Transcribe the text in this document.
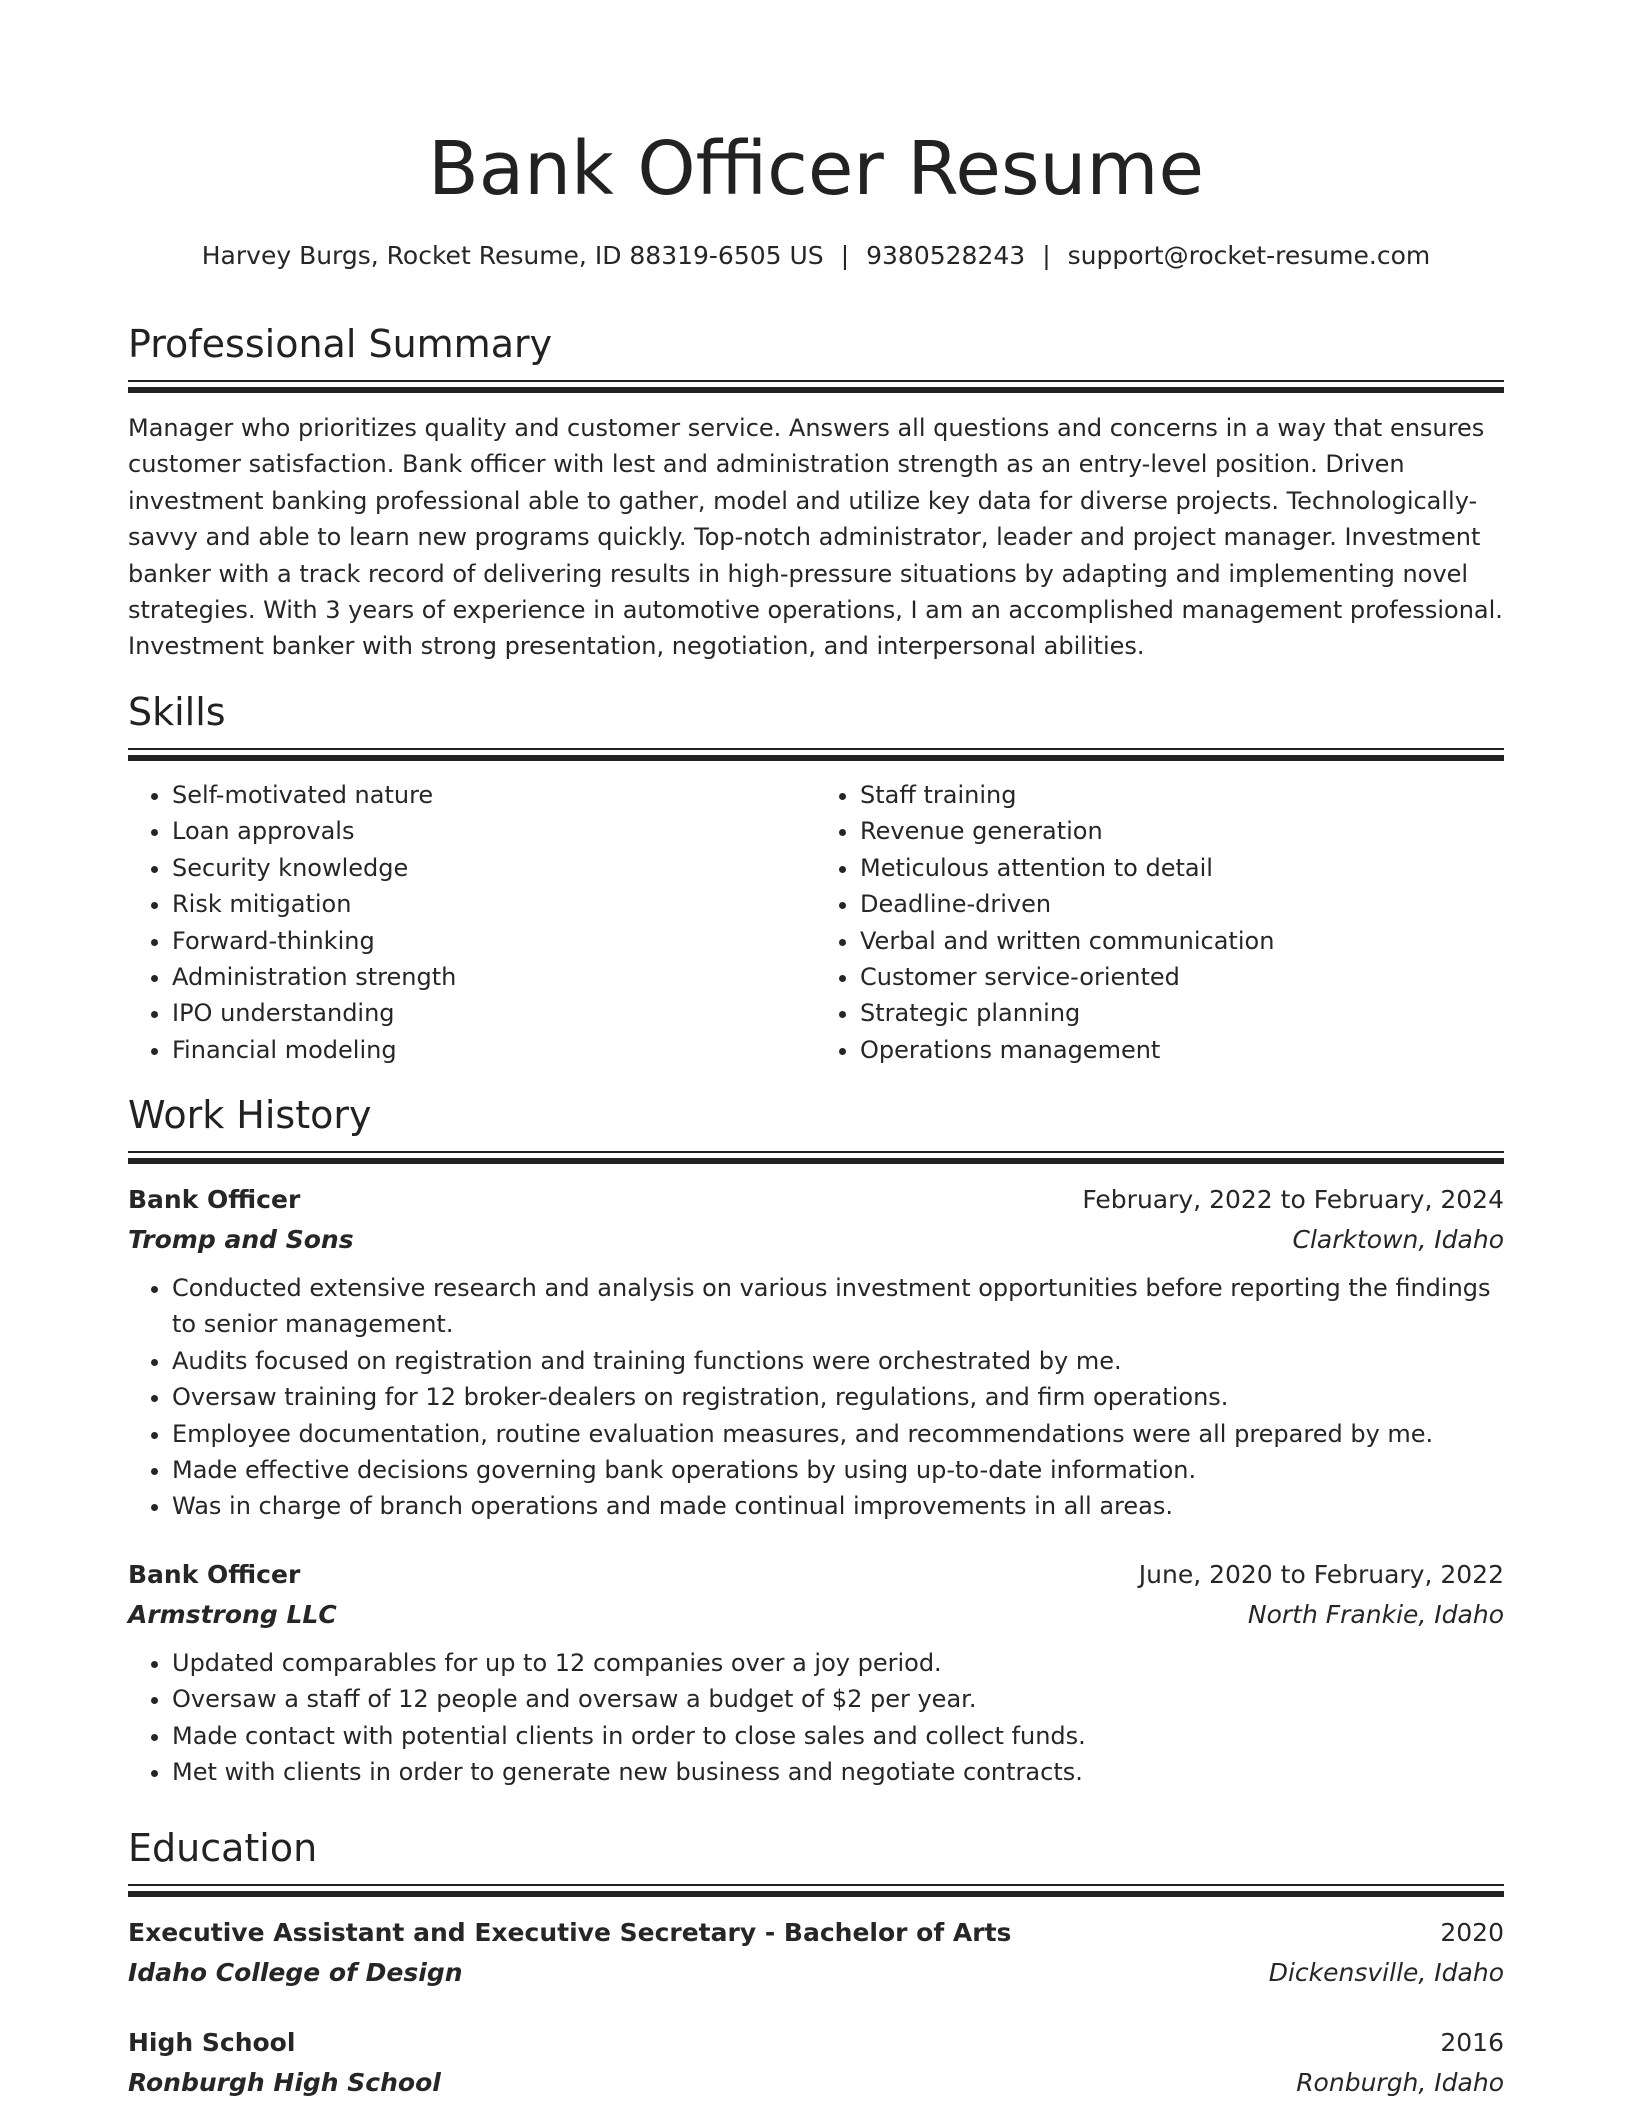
Bank Officer Resume
Harvey Burgs, Rocket Resume, ID 88319-6505 US | 9380528243 | support@rocket-resume.com
Professional Summary

Manager who prioritizes quality and customer service. Answers all questions and concerns in a way that ensures customer satisfaction. Bank officer with lest and administration strength as an entry-level position. Driven investment banking professional able to gather, model and utilize key data for diverse projects. Technologically-savvy and able to learn new programs quickly. Top-notch administrator, leader and project manager. Investment banker with a track record of delivering results in high-pressure situations by adapting and implementing novel strategies. With 3 years of experience in automotive operations, I am an accomplished management professional. Investment banker with strong presentation, negotiation, and interpersonal abilities.

Skills
• Self-motivated nature
• Loan approvals
• Security knowledge
• Risk mitigation
• Forward-thinking
• Administration strength
• IPO understanding
• Financial modeling
• Staff training
• Revenue generation
• Meticulous attention to detail
• Deadline-driven
• Verbal and written communication
• Customer service-oriented
• Strategic planning
• Operations management
Work History
Bank Officer	February, 2022 to February, 2024
Tromp and Sons	Clarktown, Idaho
• Conducted extensive research and analysis on various investment opportunities before reporting the findings to senior management.
• Audits focused on registration and training functions were orchestrated by me.
• Oversaw training for 12 broker-dealers on registration, regulations, and firm operations.
• Employee documentation, routine evaluation measures, and recommendations were all prepared by me.
• Made effective decisions governing bank operations by using up-to-date information.
• Was in charge of branch operations and made continual improvements in all areas.
Bank Officer	June, 2020 to February, 2022
Armstrong LLC	North Frankie, Idaho
• Updated comparables for up to 12 companies over a joy period.
• Oversaw a staff of 12 people and oversaw a budget of $2 per year.
• Made contact with potential clients in order to close sales and collect funds.
• Met with clients in order to generate new business and negotiate contracts.
Education
Executive Assistant and Executive Secretary - Bachelor of Arts	2020
Idaho College of Design	Dickensville, Idaho
High School	2016
Ronburgh High School	Ronburgh, Idaho
